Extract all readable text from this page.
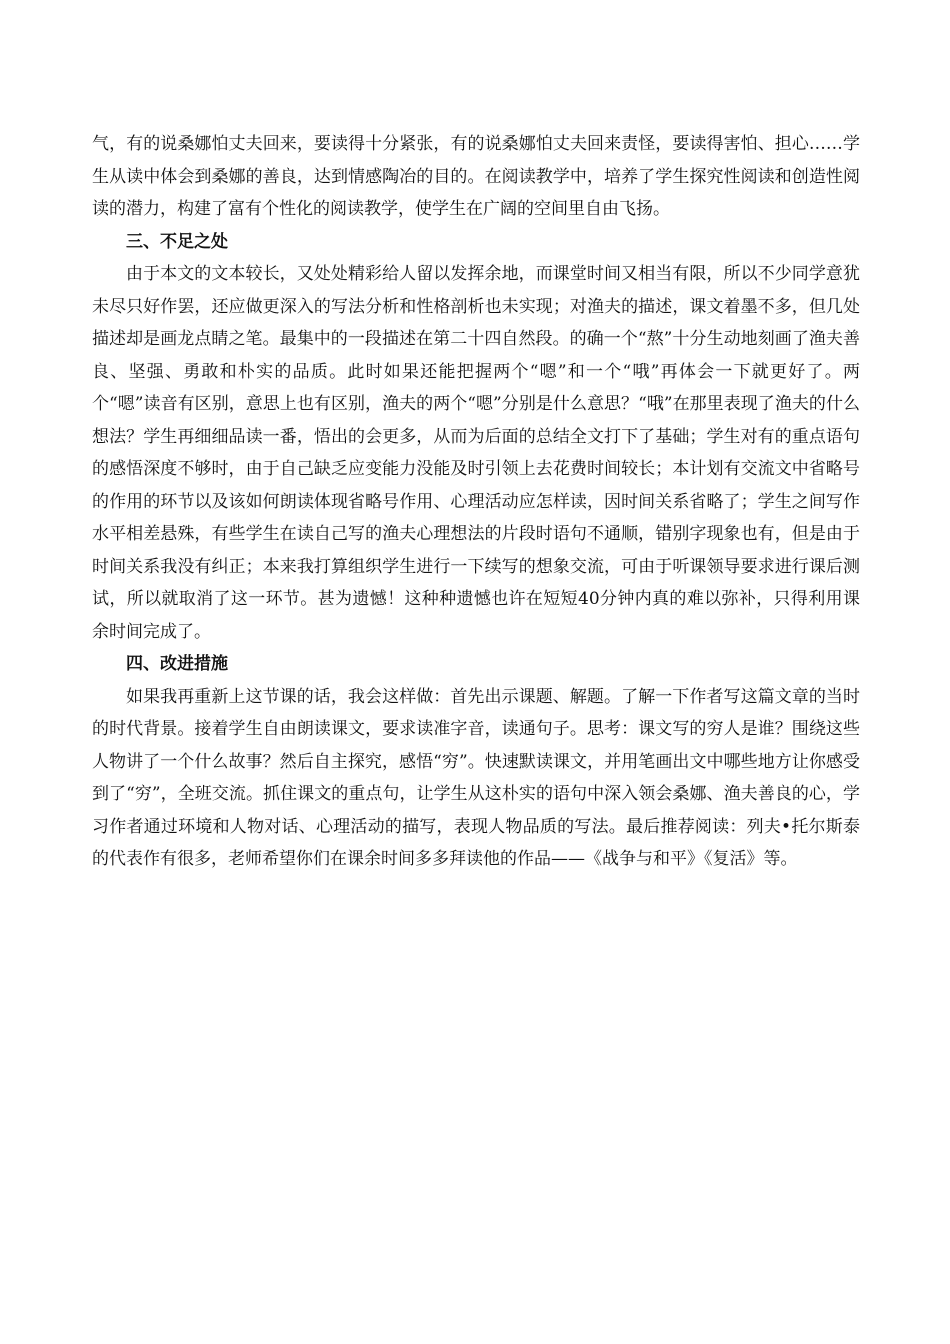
气，有的说桑娜怕丈夫回来，要读得十分紧张，有的说桑娜怕丈夫回来责怪，要读得害怕、担心……学生从读中体会到桑娜的善良，达到情感陶冶的目的。在阅读教学中，培养了学生探究性阅读和创造性阅读的潜力，构建了富有个性化的阅读教学，使学生在广阔的空间里自由飞扬。

三、不足之处

由于本文的文本较长，又处处精彩给人留以发挥余地，而课堂时间又相当有限，所以不少同学意犹未尽只好作罢，还应做更深入的写法分析和性格剖析也未实现；对渔夫的描述，课文着墨不多，但几处描述却是画龙点睛之笔。最集中的一段描述在第二十四自然段。的确一个“熬”十分生动地刻画了渔夫善良、坚强、勇敢和朴实的品质。此时如果还能把握两个“嗯”和一个“哦”再体会一下就更好了。两个“嗯”读音有区别，意思上也有区别，渔夫的两个“嗯”分别是什么意思？“哦”在那里表现了渔夫的什么想法？学生再细细品读一番，悟出的会更多，从而为后面的总结全文打下了基础；学生对有的重点语句的感悟深度不够时，由于自己缺乏应变能力没能及时引领上去花费时间较长；本计划有交流文中省略号的作用的环节以及该如何朗读体现省略号作用、心理活动应怎样读，因时间关系省略了；学生之间写作水平相差悬殊，有些学生在读自己写的渔夫心理想法的片段时语句不通顺，错别字现象也有，但是由于时间关系我没有纠正；本来我打算组织学生进行一下续写的想象交流，可由于听课领导要求进行课后测试，所以就取消了这一环节。甚为遗憾！这种种遗憾也许在短短40分钟内真的难以弥补，只得利用课余时间完成了。

四、改进措施

如果我再重新上这节课的话，我会这样做：首先出示课题、解题。了解一下作者写这篇文章的当时的时代背景。接着学生自由朗读课文，要求读准字音，读通句子。思考：课文写的穷人是谁？围绕这些人物讲了一个什么故事？然后自主探究，感悟“穷”。快速默读课文，并用笔画出文中哪些地方让你感受到了“穷”，全班交流。抓住课文的重点句，让学生从这朴实的语句中深入领会桑娜、渔夫善良的心，学习作者通过环境和人物对话、心理活动的描写，表现人物品质的写法。最后推荐阅读：列夫•托尔斯泰的代表作有很多，老师希望你们在课余时间多多拜读他的作品——《战争与和平》《复活》等。
